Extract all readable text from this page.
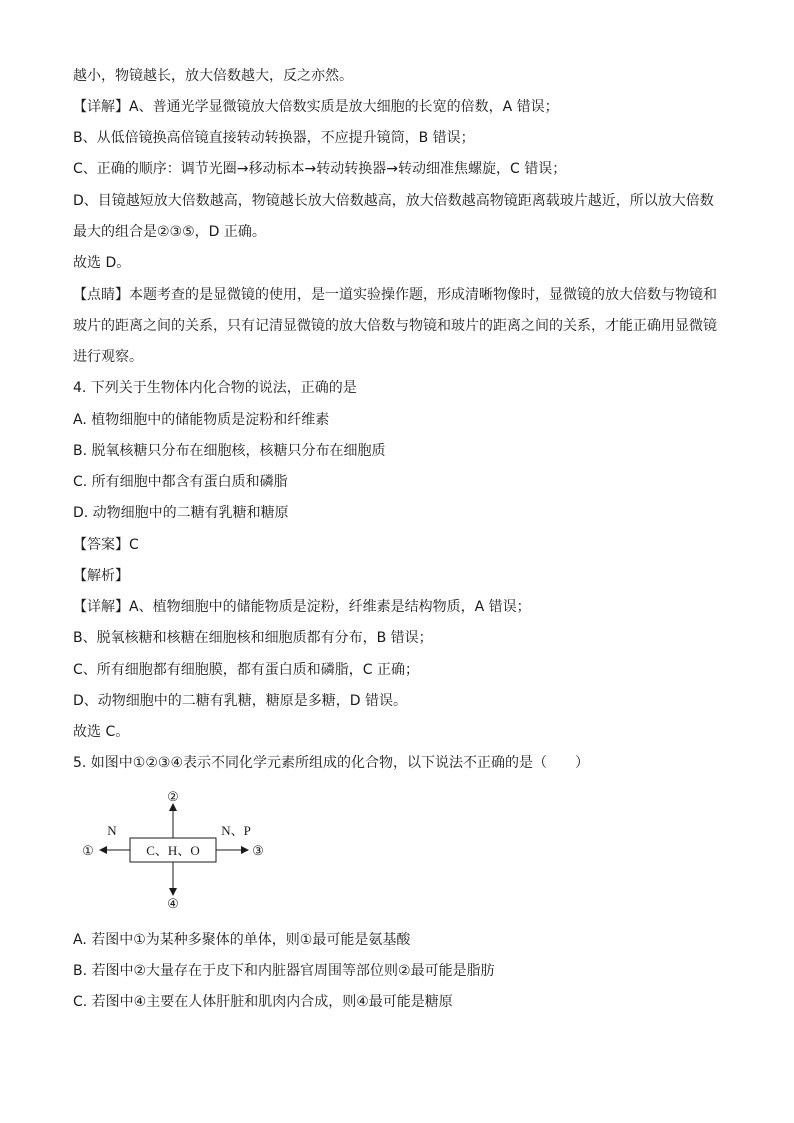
越小，物镜越长，放大倍数越大，反之亦然。
【详解】A、普通光学显微镜放大倍数实质是放大细胞的长宽的倍数，A 错误；
B、从低倍镜换高倍镜直接转动转换器，不应提升镜筒，B 错误；
C、正确的顺序：调节光圈→移动标本→转动转换器→转动细准焦螺旋，C 错误；
D、目镜越短放大倍数越高，物镜越长放大倍数越高，放大倍数越高物镜距离载玻片越近，所以放大倍数
最大的组合是②③⑤，D 正确。
故选 D。
【点睛】本题考查的是显微镜的使用，是一道实验操作题，形成清晰物像时，显微镜的放大倍数与物镜和
玻片的距离之间的关系，只有记清显微镜的放大倍数与物镜和玻片的距离之间的关系，才能正确用显微镜
进行观察。
4. 下列关于生物体内化合物的说法，正确的是
A. 植物细胞中的储能物质是淀粉和纤维素
B. 脱氧核糖只分布在细胞核，核糖只分布在细胞质
C. 所有细胞中都含有蛋白质和磷脂
D. 动物细胞中的二糖有乳糖和糖原
【答案】C
【解析】
【详解】A、植物细胞中的储能物质是淀粉，纤维素是结构物质，A 错误；
B、脱氧核糖和核糖在细胞核和细胞质都有分布，B 错误；
C、所有细胞都有细胞膜，都有蛋白质和磷脂，C 正确；
D、动物细胞中的二糖有乳糖，糖原是多糖，D 错误。
故选 C。
5. 如图中①②③④表示不同化学元素所组成的化合物，以下说法不正确的是（　　）
C、H、O
N	N、P
①
②
③
④
A. 若图中①为某种多聚体的单体，则①最可能是氨基酸
B. 若图中②大量存在于皮下和内脏器官周围等部位则②最可能是脂肪
C. 若图中④主要在人体肝脏和肌肉内合成，则④最可能是糖原
